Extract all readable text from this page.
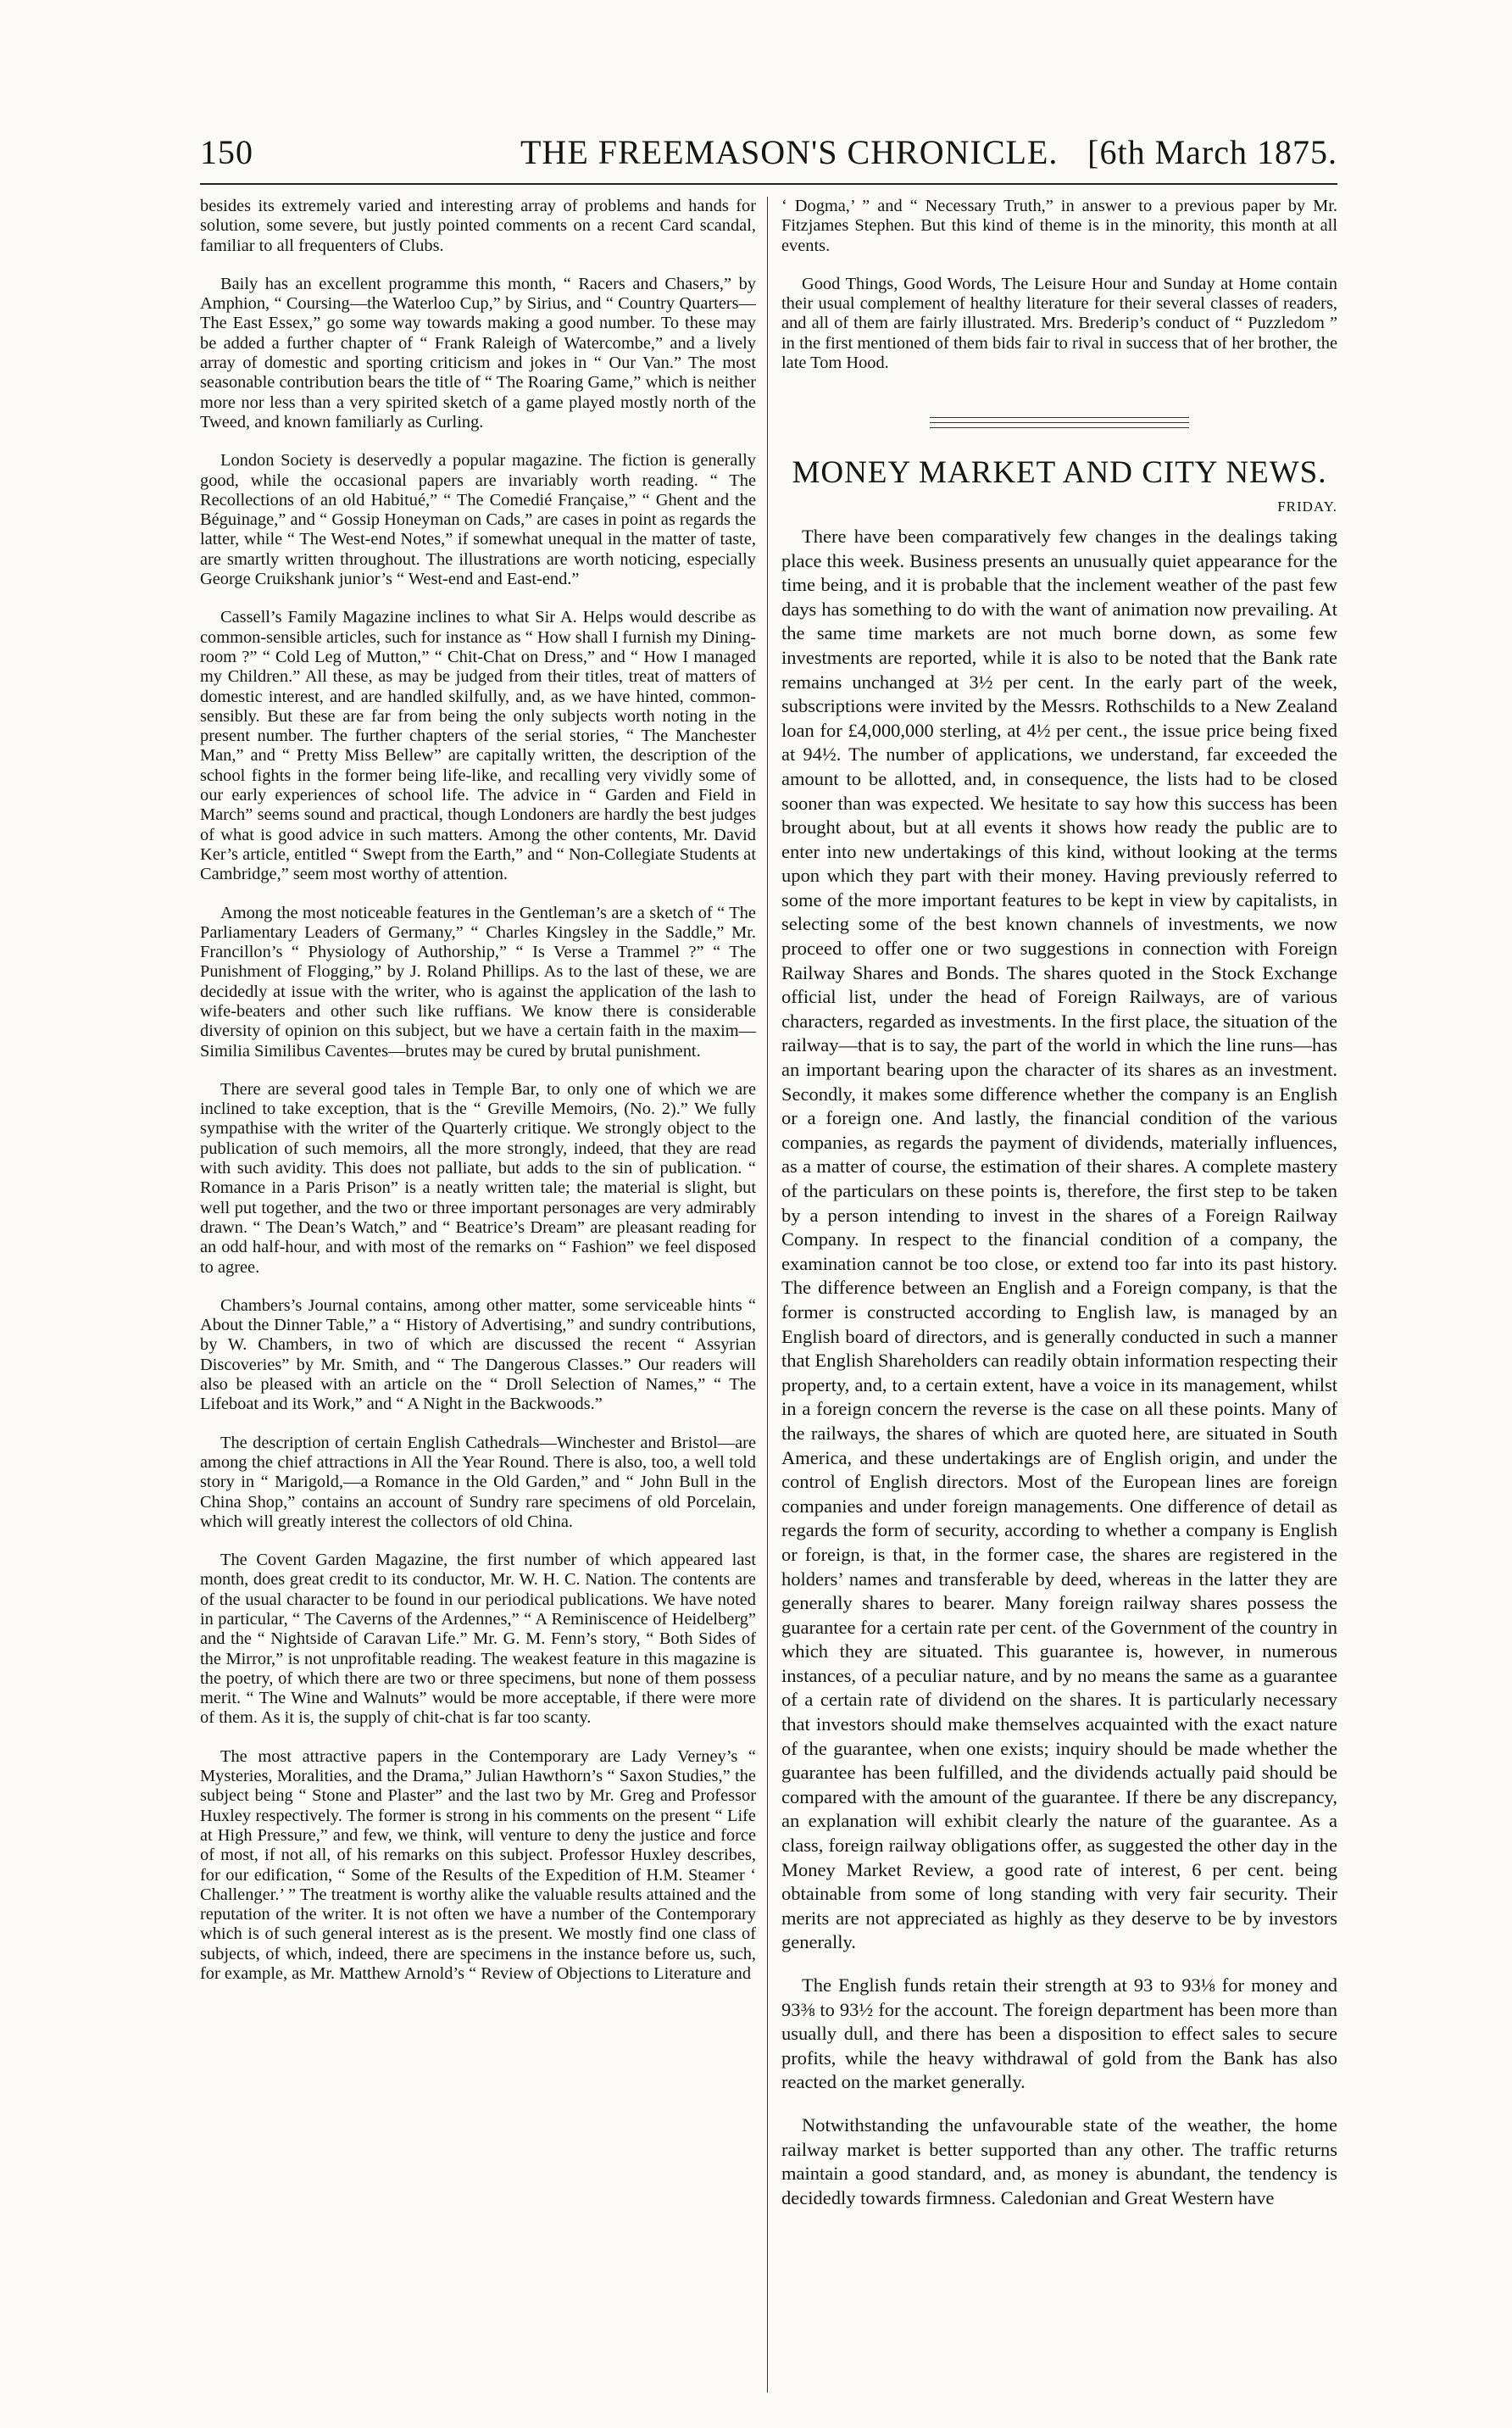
150	THE FREEMASON'S CHRONICLE. [6th March 1875.

besides its extremely varied and interesting array of problems and hands for solution, some severe, but justly pointed comments on a recent Card scandal, familiar to all frequenters of Clubs.

Baily has an excellent programme this month, “ Racers and Chasers,” by Amphion, “ Coursing—the Waterloo Cup,” by Sirius, and “ Country Quarters—The East Essex,” go some way towards making a good number. To these may be added a further chapter of “ Frank Raleigh of Watercombe,” and a lively array of domestic and sporting criticism and jokes in “ Our Van.” The most seasonable contribution bears the title of “ The Roaring Game,” which is neither more nor less than a very spirited sketch of a game played mostly north of the Tweed, and known familiarly as Curling.

London Society is deservedly a popular magazine. The fiction is generally good, while the occasional papers are invariably worth reading. “ The Recollections of an old Habitué,” “ The Comedié Française,” “ Ghent and the Béguinage,” and “ Gossip Honeyman on Cads,” are cases in point as regards the latter, while “ The West-end Notes,” if somewhat unequal in the matter of taste, are smartly written throughout. The illustrations are worth noticing, especially George Cruikshank junior’s “ West-end and East-end.”

Cassell’s Family Magazine inclines to what Sir A. Helps would describe as common-sensible articles, such for instance as “ How shall I furnish my Dining-room ?” “ Cold Leg of Mutton,” “ Chit-Chat on Dress,” and “ How I managed my Children.” All these, as may be judged from their titles, treat of matters of domestic interest, and are handled skilfully, and, as we have hinted, common-sensibly. But these are far from being the only subjects worth noting in the present number. The further chapters of the serial stories, “ The Manchester Man,” and “ Pretty Miss Bellew” are capitally written, the description of the school fights in the former being life-like, and recalling very vividly some of our early experiences of school life. The advice in “ Garden and Field in March” seems sound and practical, though Londoners are hardly the best judges of what is good advice in such matters. Among the other contents, Mr. David Ker’s article, entitled “ Swept from the Earth,” and “ Non-Collegiate Students at Cambridge,” seem most worthy of attention.

Among the most noticeable features in the Gentleman’s are a sketch of “ The Parliamentary Leaders of Germany,” “ Charles Kingsley in the Saddle,” Mr. Francillon’s “ Physiology of Authorship,” “ Is Verse a Trammel ?” “ The Punishment of Flogging,” by J. Roland Phillips. As to the last of these, we are decidedly at issue with the writer, who is against the application of the lash to wife-beaters and other such like ruffians. We know there is considerable diversity of opinion on this subject, but we have a certain faith in the maxim—Similia Similibus Caventes—brutes may be cured by brutal punishment.

There are several good tales in Temple Bar, to only one of which we are inclined to take exception, that is the “ Greville Memoirs, (No. 2).” We fully sympathise with the writer of the Quarterly critique. We strongly object to the publication of such memoirs, all the more strongly, indeed, that they are read with such avidity. This does not palliate, but adds to the sin of publication. “ Romance in a Paris Prison” is a neatly written tale; the material is slight, but well put together, and the two or three important personages are very admirably drawn. “ The Dean’s Watch,” and “ Beatrice’s Dream” are pleasant reading for an odd half-hour, and with most of the remarks on “ Fashion” we feel disposed to agree.

Chambers’s Journal contains, among other matter, some serviceable hints “ About the Dinner Table,” a “ History of Advertising,” and sundry contributions, by W. Chambers, in two of which are discussed the recent “ Assyrian Discoveries” by Mr. Smith, and “ The Dangerous Classes.” Our readers will also be pleased with an article on the “ Droll Selection of Names,” “ The Lifeboat and its Work,” and “ A Night in the Backwoods.”

The description of certain English Cathedrals—Winchester and Bristol—are among the chief attractions in All the Year Round. There is also, too, a well told story in “ Marigold,—a Romance in the Old Garden,” and “ John Bull in the China Shop,” contains an account of Sundry rare specimens of old Porcelain, which will greatly interest the collectors of old China.

The Covent Garden Magazine, the first number of which appeared last month, does great credit to its conductor, Mr. W. H. C. Nation. The contents are of the usual character to be found in our periodical publications. We have noted in particular, “ The Caverns of the Ardennes,” “ A Reminiscence of Heidelberg” and the “ Nightside of Caravan Life.” Mr. G. M. Fenn’s story, “ Both Sides of the Mirror,” is not unprofitable reading. The weakest feature in this magazine is the poetry, of which there are two or three specimens, but none of them possess merit. “ The Wine and Walnuts” would be more acceptable, if there were more of them. As it is, the supply of chit-chat is far too scanty.

The most attractive papers in the Contemporary are Lady Verney’s “ Mysteries, Moralities, and the Drama,” Julian Hawthorn’s “ Saxon Studies,” the subject being “ Stone and Plaster” and the last two by Mr. Greg and Professor Huxley respectively. The former is strong in his comments on the present “ Life at High Pressure,” and few, we think, will venture to deny the justice and force of most, if not all, of his remarks on this subject. Professor Huxley describes, for our edification, “ Some of the Results of the Expedition of H.M. Steamer ‘ Challenger.’ ” The treatment is worthy alike the valuable results attained and the reputation of the writer. It is not often we have a number of the Contemporary which is of such general interest as is the present. We mostly find one class of subjects, of which, indeed, there are specimens in the instance before us, such, for example, as Mr. Matthew Arnold’s “ Review of Objections to Literature and

‘ Dogma,’ ” and “ Necessary Truth,” in answer to a previous paper by Mr. Fitzjames Stephen. But this kind of theme is in the minority, this month at all events.

Good Things, Good Words, The Leisure Hour and Sunday at Home contain their usual complement of healthy literature for their several classes of readers, and all of them are fairly illustrated. Mrs. Brederip’s conduct of “ Puzzledom ” in the first mentioned of them bids fair to rival in success that of her brother, the late Tom Hood.

MONEY MARKET AND CITY NEWS.
FRIDAY.

There have been comparatively few changes in the dealings taking place this week. Business presents an unusually quiet appearance for the time being, and it is probable that the inclement weather of the past few days has something to do with the want of animation now prevailing. At the same time markets are not much borne down, as some few investments are reported, while it is also to be noted that the Bank rate remains unchanged at 3½ per cent. In the early part of the week, subscriptions were invited by the Messrs. Rothschilds to a New Zealand loan for £4,000,000 sterling, at 4½ per cent., the issue price being fixed at 94½. The number of applications, we understand, far exceeded the amount to be allotted, and, in consequence, the lists had to be closed sooner than was expected. We hesitate to say how this success has been brought about, but at all events it shows how ready the public are to enter into new undertakings of this kind, without looking at the terms upon which they part with their money. Having previously referred to some of the more important features to be kept in view by capitalists, in selecting some of the best known channels of investments, we now proceed to offer one or two suggestions in connection with Foreign Railway Shares and Bonds. The shares quoted in the Stock Exchange official list, under the head of Foreign Railways, are of various characters, regarded as investments. In the first place, the situation of the railway—that is to say, the part of the world in which the line runs—has an important bearing upon the character of its shares as an investment. Secondly, it makes some difference whether the company is an English or a foreign one. And lastly, the financial condition of the various companies, as regards the payment of dividends, materially influences, as a matter of course, the estimation of their shares. A complete mastery of the particulars on these points is, therefore, the first step to be taken by a person intending to invest in the shares of a Foreign Railway Company. In respect to the financial condition of a company, the examination cannot be too close, or extend too far into its past history. The difference between an English and a Foreign company, is that the former is constructed according to English law, is managed by an English board of directors, and is generally conducted in such a manner that English Shareholders can readily obtain information respecting their property, and, to a certain extent, have a voice in its management, whilst in a foreign concern the reverse is the case on all these points. Many of the railways, the shares of which are quoted here, are situated in South America, and these undertakings are of English origin, and under the control of English directors. Most of the European lines are foreign companies and under foreign managements. One difference of detail as regards the form of security, according to whether a company is English or foreign, is that, in the former case, the shares are registered in the holders’ names and transferable by deed, whereas in the latter they are generally shares to bearer. Many foreign railway shares possess the guarantee for a certain rate per cent. of the Government of the country in which they are situated. This guarantee is, however, in numerous instances, of a peculiar nature, and by no means the same as a guarantee of a certain rate of dividend on the shares. It is particularly necessary that investors should make themselves acquainted with the exact nature of the guarantee, when one exists; inquiry should be made whether the guarantee has been fulfilled, and the dividends actually paid should be compared with the amount of the guarantee. If there be any discrepancy, an explanation will exhibit clearly the nature of the guarantee. As a class, foreign railway obligations offer, as suggested the other day in the Money Market Review, a good rate of interest, 6 per cent. being obtainable from some of long standing with very fair security. Their merits are not appreciated as highly as they deserve to be by investors generally.

The English funds retain their strength at 93 to 93⅛ for money and 93⅜ to 93½ for the account. The foreign department has been more than usually dull, and there has been a disposition to effect sales to secure profits, while the heavy withdrawal of gold from the Bank has also reacted on the market generally.

Notwithstanding the unfavourable state of the weather, the home railway market is better supported than any other. The traffic returns maintain a good standard, and, as money is abundant, the tendency is decidedly towards firmness. Caledonian and Great Western have
